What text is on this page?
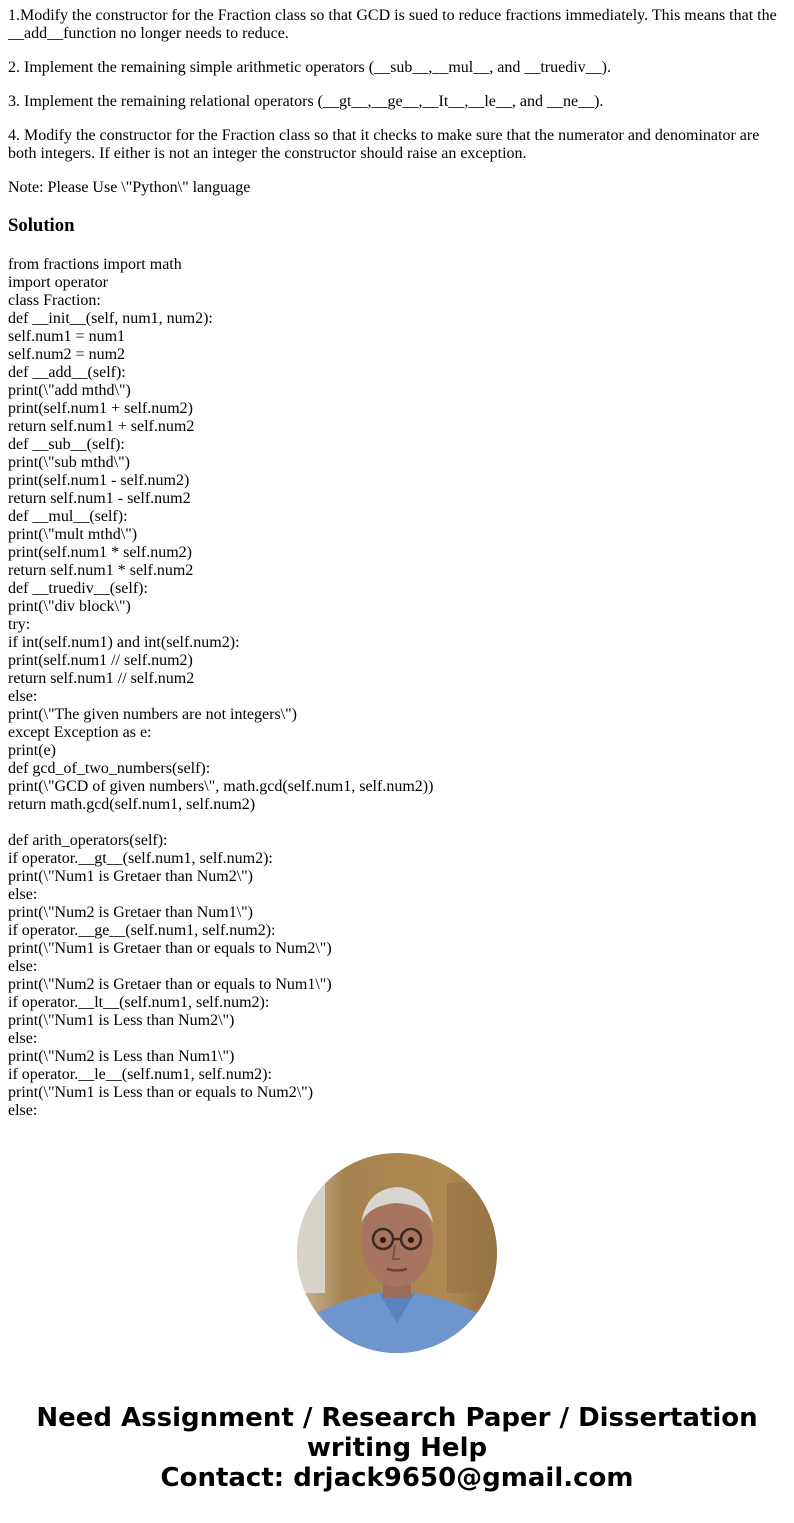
1.Modify the constructor for the Fraction class so that GCD is sued to reduce fractions immediately. This means that the __add__function no longer needs to reduce.

2. Implement the remaining simple arithmetic operators (__sub__,__mul__, and __truediv__).

3. Implement the remaining relational operators (__gt__,__ge__,__It__,__le__, and __ne__).

4. Modify the constructor for the Fraction class so that it checks to make sure that the numerator and denominator are both integers. If either is not an integer the constructor should raise an exception.

Note: Please Use \"Python\" language

Solution
from fractions import math
import operator
class Fraction:
def __init__(self, num1, num2):
self.num1 = num1
self.num2 = num2
def __add__(self):
print(\"add mthd\")
print(self.num1 + self.num2)
return self.num1 + self.num2
def __sub__(self):
print(\"sub mthd\")
print(self.num1 - self.num2)
return self.num1 - self.num2
def __mul__(self):
print(\"mult mthd\")
print(self.num1 * self.num2)
return self.num1 * self.num2
def __truediv__(self):
print(\"div block\")
try:
if int(self.num1) and int(self.num2):
print(self.num1 // self.num2)
return self.num1 // self.num2
else:
print(\"The given numbers are not integers\")
except Exception as e:
print(e)
def gcd_of_two_numbers(self):
print(\"GCD of given numbers\", math.gcd(self.num1, self.num2))
return math.gcd(self.num1, self.num2)
def arith_operators(self):
if operator.__gt__(self.num1, self.num2):
print(\"Num1 is Gretaer than Num2\")
else:
print(\"Num2 is Gretaer than Num1\")
if operator.__ge__(self.num1, self.num2):
print(\"Num1 is Gretaer than or equals to Num2\")
else:
print(\"Num2 is Gretaer than or equals to Num1\")
if operator.__lt__(self.num1, self.num2):
print(\"Num1 is Less than Num2\")
else:
print(\"Num2 is Less than Num1\")
if operator.__le__(self.num1, self.num2):
print(\"Num1 is Less than or equals to Num2\")
else:
Need Assignment / Research Paper / Dissertation
writing Help
Contact: drjack9650@gmail.com
